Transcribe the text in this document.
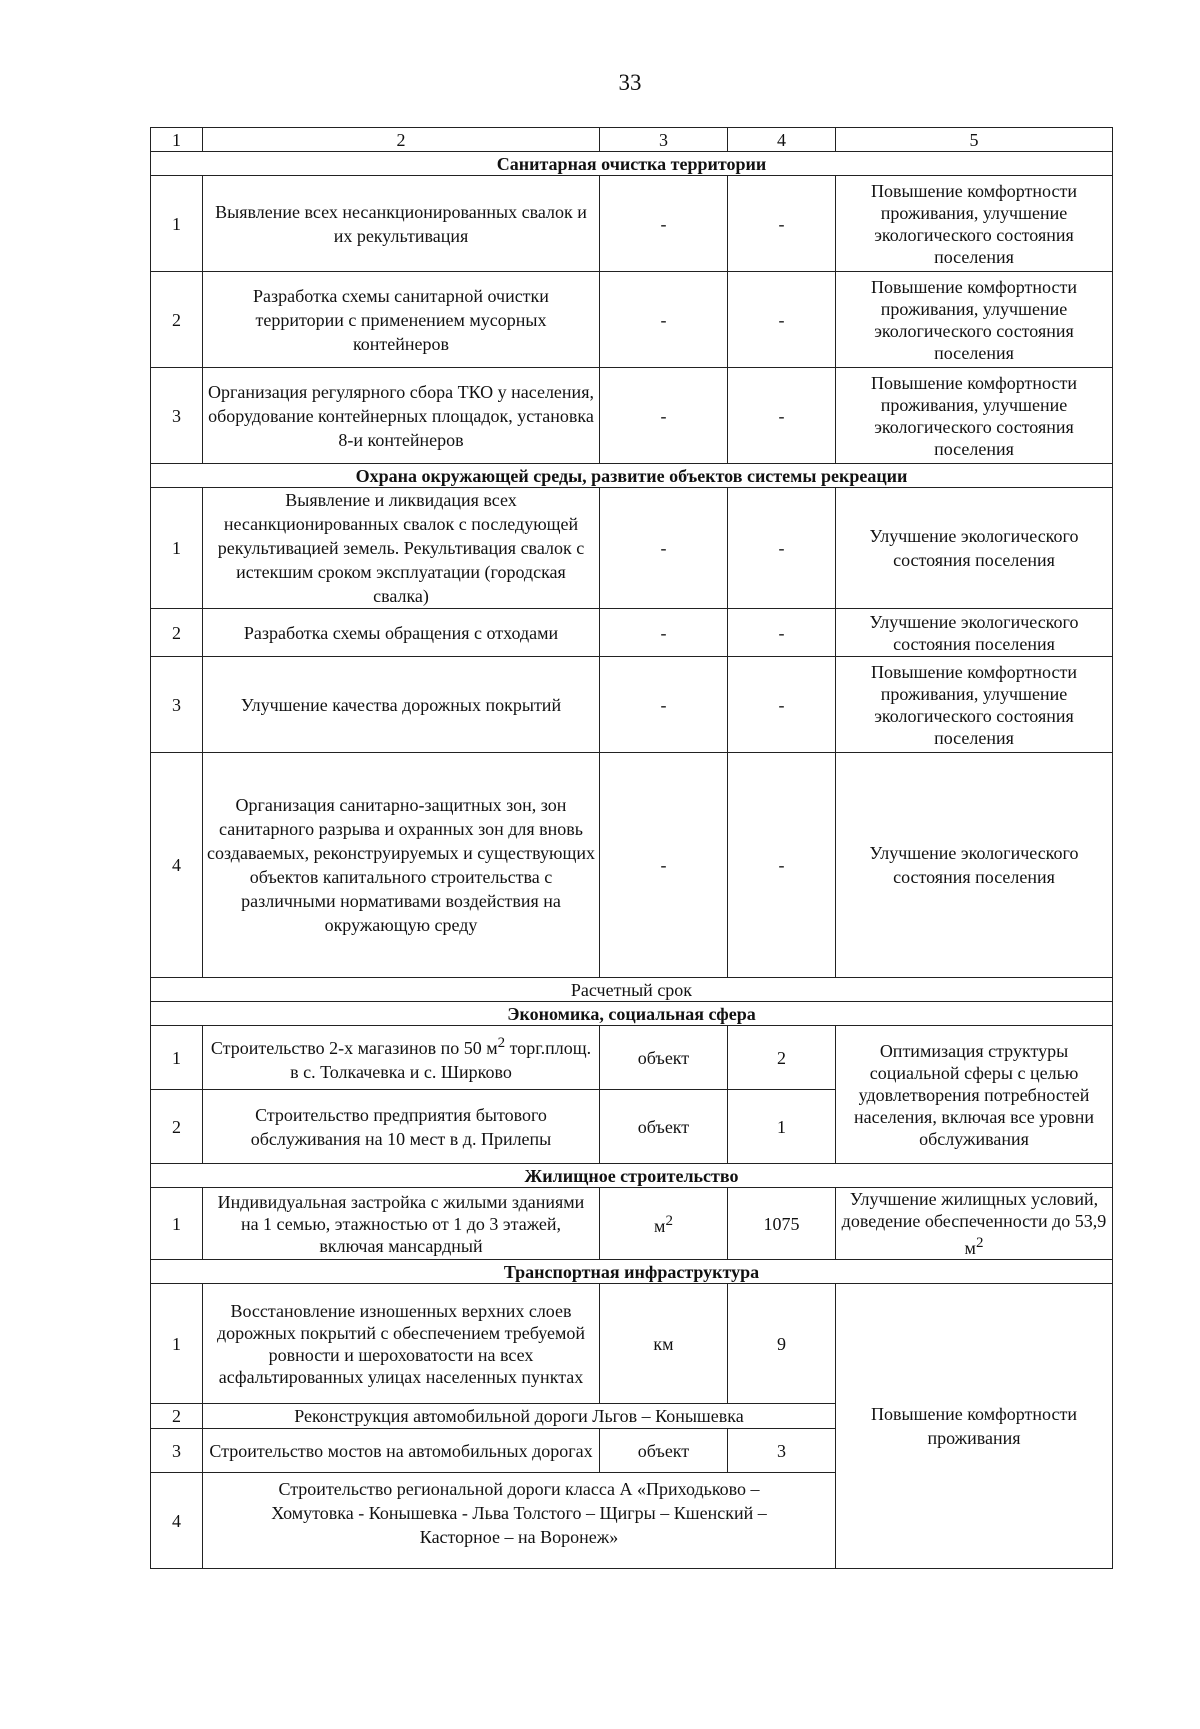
33
1	2	3	4	5
Санитарная очистка территории				
1	Выявление всех несанкционированных свалок и их рекультивация	-	-	Повышение комфортности проживания, улучшение экологического состояния поселения
2	Разработка схемы санитарной очистки территории с применением мусорных контейнеров	-	-	Повышение комфортности проживания, улучшение экологического состояния поселения
3	Организация регулярного сбора ТКО у населения, оборудование контейнерных площадок, установка 8-и контейнеров	-	-	Повышение комфортности проживания, улучшение экологического состояния поселения
Охрана окружающей среды, развитие объектов системы рекреации				
1	Выявление и ликвидация всех несанкционированных свалок с последующей рекультивацией земель. Рекультивация свалок с истекшим сроком эксплуатации (городская свалка)	-	-	Улучшение экологического состояния поселения
2	Разработка схемы обращения с отходами	-	-	Улучшение экологического состояния поселения
3	Улучшение качества дорожных покрытий	-	-	Повышение комфортности проживания, улучшение экологического состояния поселения
4	Организация санитарно-защитных зон, зон санитарного разрыва и охранных зон для вновь создаваемых, реконструируемых и существующих объектов капитального строительства с различными нормативами воздействия на окружающую среду	-	-	Улучшение экологического состояния поселения
Расчетный срок				
Экономика, социальная сфера				
1	Строительство 2-х магазинов по 50 $м^2$ торг.площ. в с. Толкачевка и с. Ширково	объект	2	Оптимизация структуры социальной сферы с целью удовлетворения потребностей населения, включая все уровни обслуживания
2	Строительство предприятия бытового обслуживания на 10 мест в д. Прилепы	объект	1	
Жилищное строительство				
1	Индивидуальная застройка с жилыми зданиями на 1 семью, этажностью от 1 до 3 этажей, включая мансардный	$м^2$	1075	Улучшение жилищных условий, доведение обеспеченности до 53,9 $м^2$
Транспортная инфраструктура				
1	Восстановление изношенных верхних слоев дорожных покрытий с обеспечением требуемой ровности и шероховатости на всех асфальтированных улицах населенных пунктах	км	9	Повышение комфортности проживания
2	Реконструкция автомобильной дороги Льгов – Конышевка			
3	Строительство мостов на автомобильных дорогах	объект	3	
4	Строительство региональной дороги класса А «Приходьково – Хомутовка - Конышевка - Льва Толстого – Щигры – Кшенский – Касторное – на Воронеж»			
